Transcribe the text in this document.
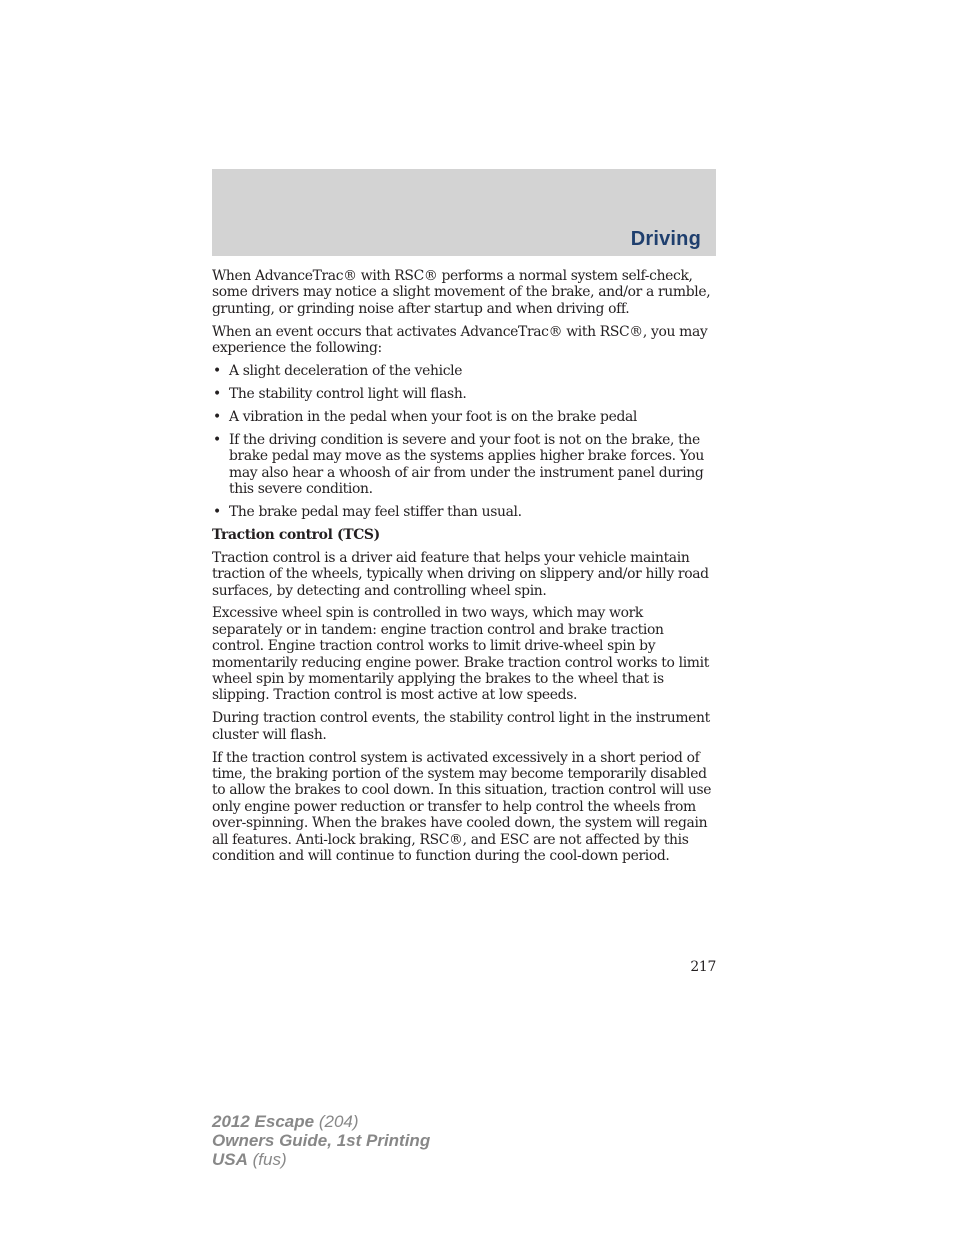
Driving

When AdvanceTrac® with RSC® performs a normal system self-check, some drivers may notice a slight movement of the brake, and/or a rumble, grunting, or grinding noise after startup and when driving off.

When an event occurs that activates AdvanceTrac® with RSC®, you may experience the following:

• A slight deceleration of the vehicle
• The stability control light will flash.
• A vibration in the pedal when your foot is on the brake pedal
• If the driving condition is severe and your foot is not on the brake, the brake pedal may move as the systems applies higher brake forces. You may also hear a whoosh of air from under the instrument panel during this severe condition.
• The brake pedal may feel stiffer than usual.
Traction control (TCS)

Traction control is a driver aid feature that helps your vehicle maintain traction of the wheels, typically when driving on slippery and/or hilly road surfaces, by detecting and controlling wheel spin.

Excessive wheel spin is controlled in two ways, which may work separately or in tandem: engine traction control and brake traction control. Engine traction control works to limit drive-wheel spin by momentarily reducing engine power. Brake traction control works to limit wheel spin by momentarily applying the brakes to the wheel that is slipping. Traction control is most active at low speeds.

During traction control events, the stability control light in the instrument cluster will flash.

If the traction control system is activated excessively in a short period of time, the braking portion of the system may become temporarily disabled to allow the brakes to cool down. In this situation, traction control will use only engine power reduction or transfer to help control the wheels from over-spinning. When the brakes have cooled down, the system will regain all features. Anti-lock braking, RSC®, and ESC are not affected by this condition and will continue to function during the cool-down period.

217
2012 Escape (204)
Owners Guide, 1st Printing
USA (fus)
